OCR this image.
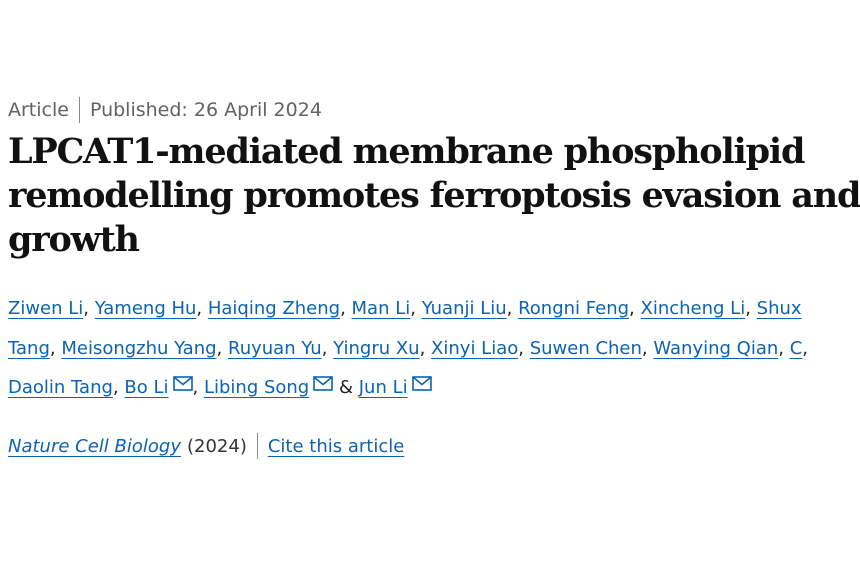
Article Published: 26 April 2024
LPCAT1-mediated membrane phospholipid
remodelling promotes ferroptosis evasion and
growth
Ziwen Li, Yameng Hu, Haiqing Zheng, Man Li, Yuanji Liu, Rongni Feng, Xincheng Li, Shux
Tang, Meisongzhu Yang, Ruyuan Yu, Yingru Xu, Xinyi Liao, Suwen Chen, Wanying Qian, C,
Daolin Tang, Bo Li , Libing Song
& Jun Li
Nature Cell Biology (2024) Cite this article
